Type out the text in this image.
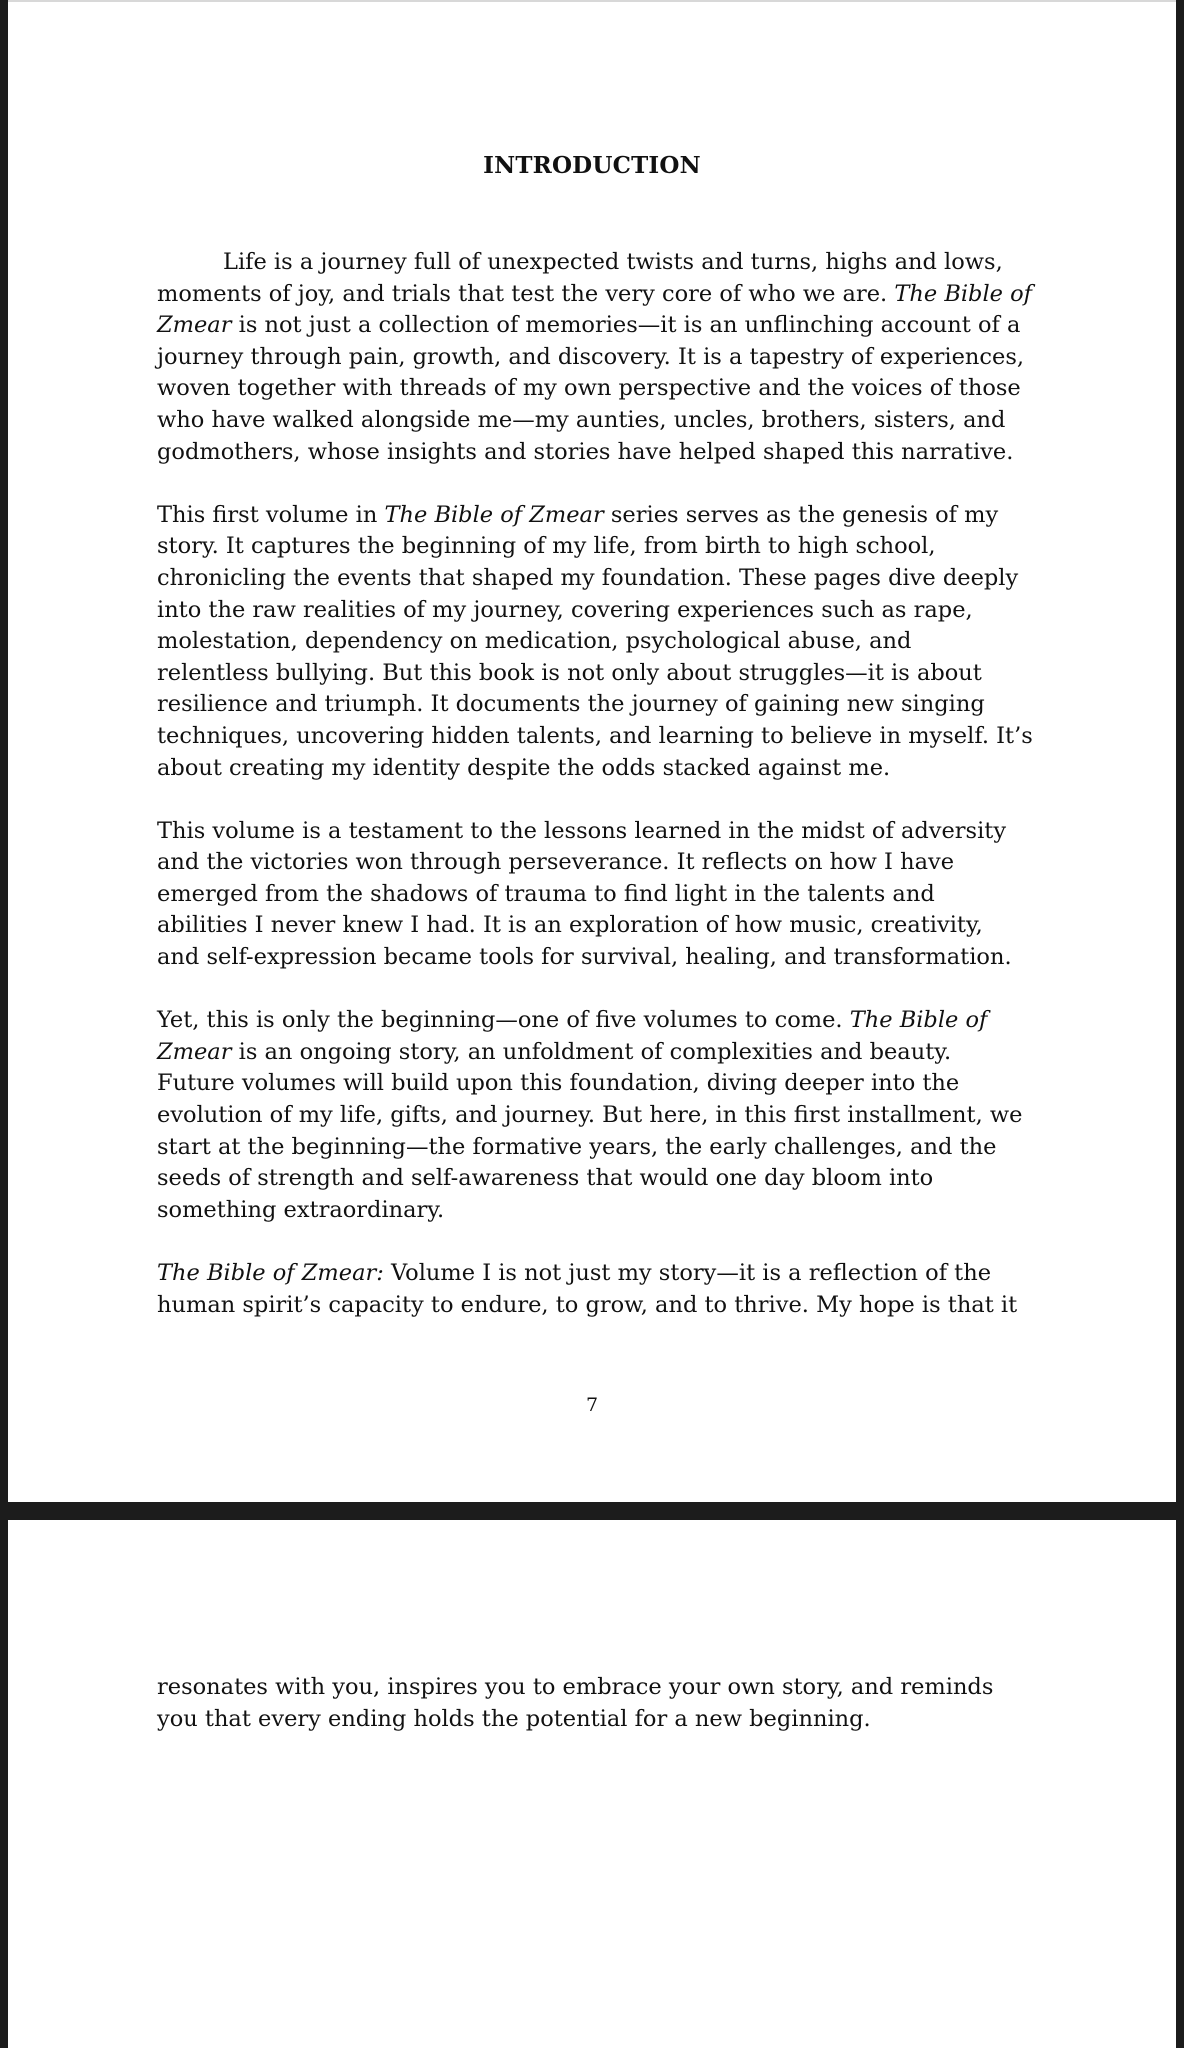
INTRODUCTION

Life is a journey full of unexpected twists and turns, highs and lows,
moments of joy, and trials that test the very core of who we are. The Bible of
Zmear is not just a collection of memories—it is an unflinching account of a
journey through pain, growth, and discovery. It is a tapestry of experiences,
woven together with threads of my own perspective and the voices of those
who have walked alongside me—my aunties, uncles, brothers, sisters, and
godmothers, whose insights and stories have helped shaped this narrative.

This first volume in The Bible of Zmear series serves as the genesis of my
story. It captures the beginning of my life, from birth to high school,
chronicling the events that shaped my foundation. These pages dive deeply
into the raw realities of my journey, covering experiences such as rape,
molestation, dependency on medication, psychological abuse, and
relentless bullying. But this book is not only about struggles—it is about
resilience and triumph. It documents the journey of gaining new singing
techniques, uncovering hidden talents, and learning to believe in myself. It’s
about creating my identity despite the odds stacked against me.

This volume is a testament to the lessons learned in the midst of adversity
and the victories won through perseverance. It reflects on how I have
emerged from the shadows of trauma to find light in the talents and
abilities I never knew I had. It is an exploration of how music, creativity,
and self-expression became tools for survival, healing, and transformation.

Yet, this is only the beginning—one of five volumes to come. The Bible of
Zmear is an ongoing story, an unfoldment of complexities and beauty.
Future volumes will build upon this foundation, diving deeper into the
evolution of my life, gifts, and journey. But here, in this first installment, we
start at the beginning—the formative years, the early challenges, and the
seeds of strength and self-awareness that would one day bloom into
something extraordinary.

The Bible of Zmear: Volume I is not just my story—it is a reflection of the
human spirit’s capacity to endure, to grow, and to thrive. My hope is that it

7

resonates with you, inspires you to embrace your own story, and reminds
you that every ending holds the potential for a new beginning.
